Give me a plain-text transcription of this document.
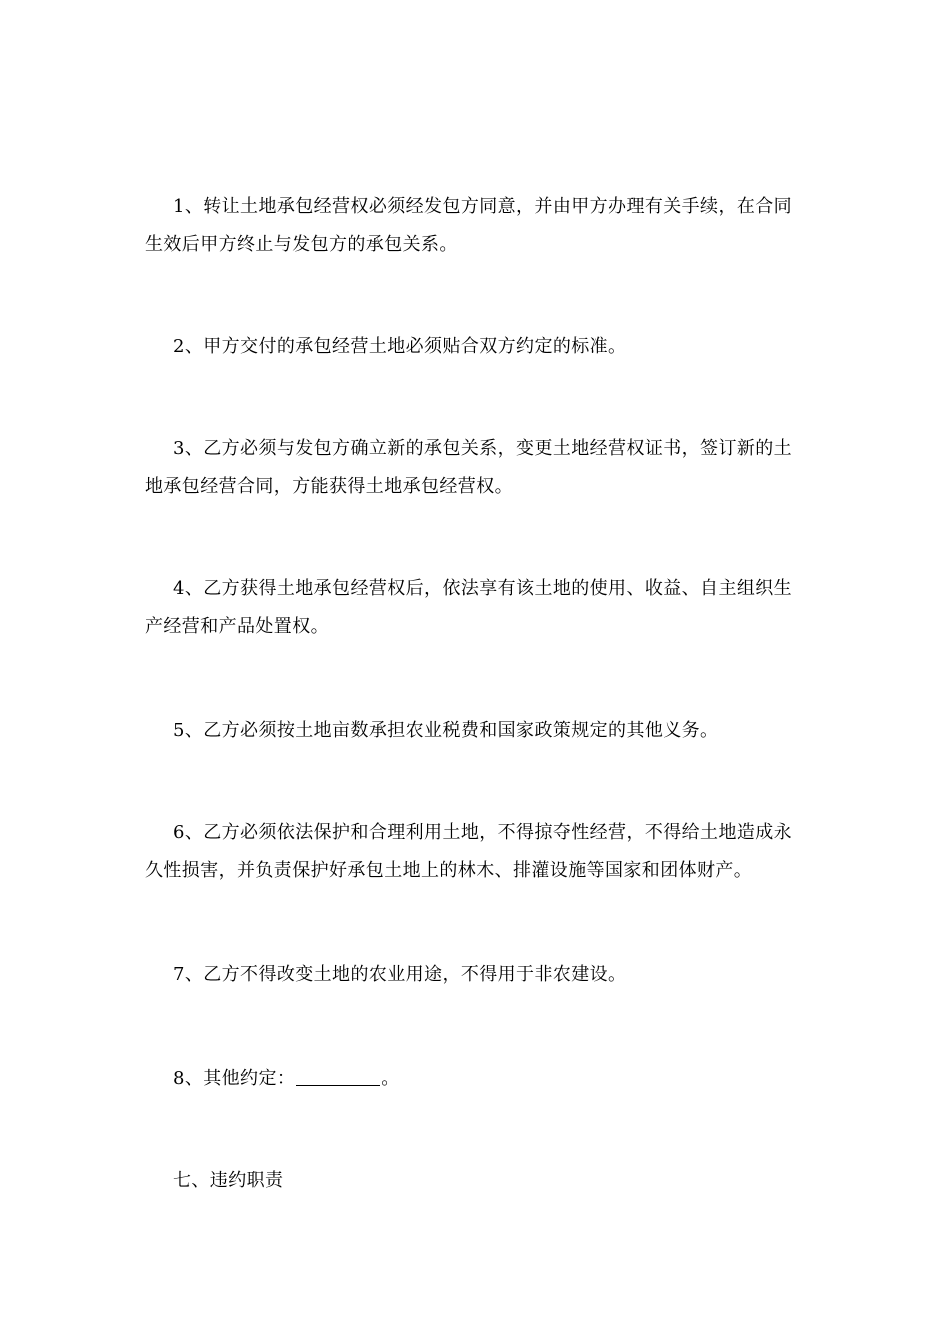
1、转让土地承包经营权必须经发包方同意，并由甲方办理有关手续，在合同生效后甲方终止与发包方的承包关系。

2、甲方交付的承包经营土地必须贴合双方约定的标准。

3、乙方必须与发包方确立新的承包关系，变更土地经营权证书，签订新的土地承包经营合同，方能获得土地承包经营权。

4、乙方获得土地承包经营权后，依法享有该土地的使用、收益、自主组织生产经营和产品处置权。

5、乙方必须按土地亩数承担农业税费和国家政策规定的其他义务。

6、乙方必须依法保护和合理利用土地，不得掠夺性经营，不得给土地造成永久性损害，并负责保护好承包土地上的林木、排灌设施等国家和团体财产。

7、乙方不得改变土地的农业用途，不得用于非农建设。

8、其他约定：	。

七、违约职责
